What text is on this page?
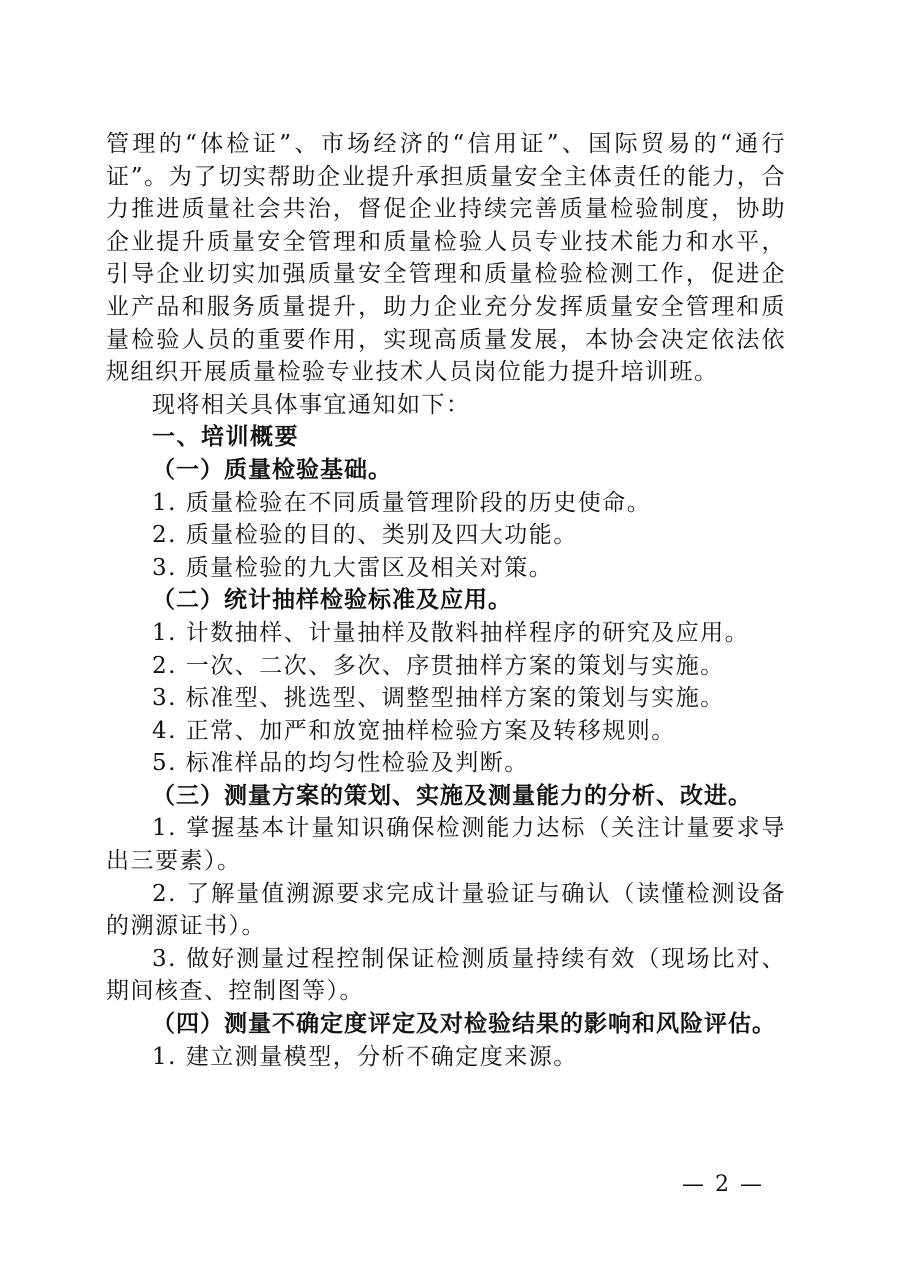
管理的“体检证”、市场经济的“信用证”、国际贸易的“通行证”。为了切实帮助企业提升承担质量安全主体责任的能力，合力推进质量社会共治，督促企业持续完善质量检验制度，协助企业提升质量安全管理和质量检验人员专业技术能力和水平，引导企业切实加强质量安全管理和质量检验检测工作，促进企业产品和服务质量提升，助力企业充分发挥质量安全管理和质量检验人员的重要作用，实现高质量发展，本协会决定依法依规组织开展质量检验专业技术人员岗位能力提升培训班。

现将相关具体事宜通知如下：

一、培训概要

（一）质量检验基础。

1. 质量检验在不同质量管理阶段的历史使命。

2. 质量检验的目的、类别及四大功能。

3. 质量检验的九大雷区及相关对策。

（二）统计抽样检验标准及应用。

1. 计数抽样、计量抽样及散料抽样程序的研究及应用。

2. 一次、二次、多次、序贯抽样方案的策划与实施。

3. 标准型、挑选型、调整型抽样方案的策划与实施。

4. 正常、加严和放宽抽样检验方案及转移规则。

5. 标准样品的均匀性检验及判断。

（三）测量方案的策划、实施及测量能力的分析、改进。

1. 掌握基本计量知识确保检测能力达标（关注计量要求导出三要素）。

2. 了解量值溯源要求完成计量验证与确认（读懂检测设备的溯源证书）。

3. 做好测量过程控制保证检测质量持续有效（现场比对、期间核查、控制图等）。

（四）测量不确定度评定及对检验结果的影响和风险评估。

1. 建立测量模型，分析不确定度来源。

— 2 —
